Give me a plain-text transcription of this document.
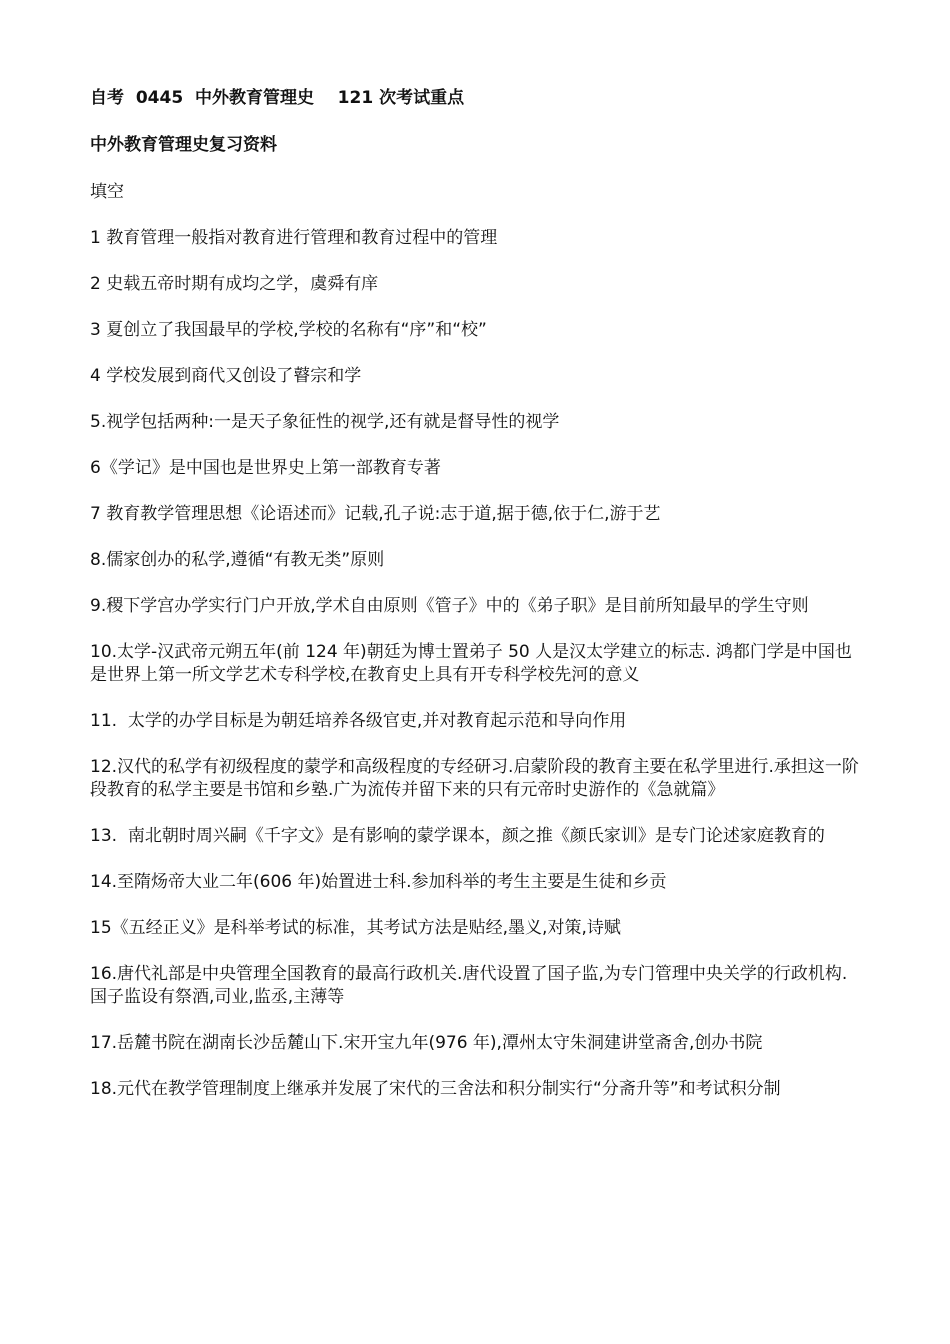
自考  0445  中外教育管理史    121 次考试重点
中外教育管理史复习资料
填空
1 教育管理一般指对教育进行管理和教育过程中的管理
2 史载五帝时期有成均之学，虞舜有庠
3 夏创立了我国最早的学校,学校的名称有“序”和“校”
4 学校发展到商代又创设了瞽宗和学
5.视学包括两种:一是天子象征性的视学,还有就是督导性的视学
6《学记》是中国也是世界史上第一部教育专著
7 教育教学管理思想《论语述而》记载,孔子说:志于道,据于德,依于仁,游于艺
8.儒家创办的私学,遵循“有教无类”原则
9.稷下学宫办学实行门户开放,学术自由原则《管子》中的《弟子职》是目前所知最早的学生守则
10.太学-汉武帝元朔五年(前 124 年)朝廷为博士置弟子 50 人是汉太学建立的标志. 鸿都门学是中国也是世界上第一所文学艺术专科学校,在教育史上具有开专科学校先河的意义
11.  太学的办学目标是为朝廷培养各级官吏,并对教育起示范和导向作用
12.汉代的私学有初级程度的蒙学和高级程度的专经研习.启蒙阶段的教育主要在私学里进行.承担这一阶段教育的私学主要是书馆和乡塾.广为流传并留下来的只有元帝时史游作的《急就篇》
13.  南北朝时周兴嗣《千字文》是有影响的蒙学课本，颜之推《颜氏家训》是专门论述家庭教育的
14.至隋炀帝大业二年(606 年)始置进士科.参加科举的考生主要是生徒和乡贡
15《五经正义》是科举考试的标准，其考试方法是贴经,墨义,对策,诗赋
16.唐代礼部是中央管理全国教育的最高行政机关.唐代设置了国子监,为专门管理中央关学的行政机构.国子监设有祭酒,司业,监丞,主薄等
17.岳麓书院在湖南长沙岳麓山下.宋开宝九年(976 年),潭州太守朱洞建讲堂斋舍,创办书院
18.元代在教学管理制度上继承并发展了宋代的三舍法和积分制实行“分斋升等”和考试积分制
